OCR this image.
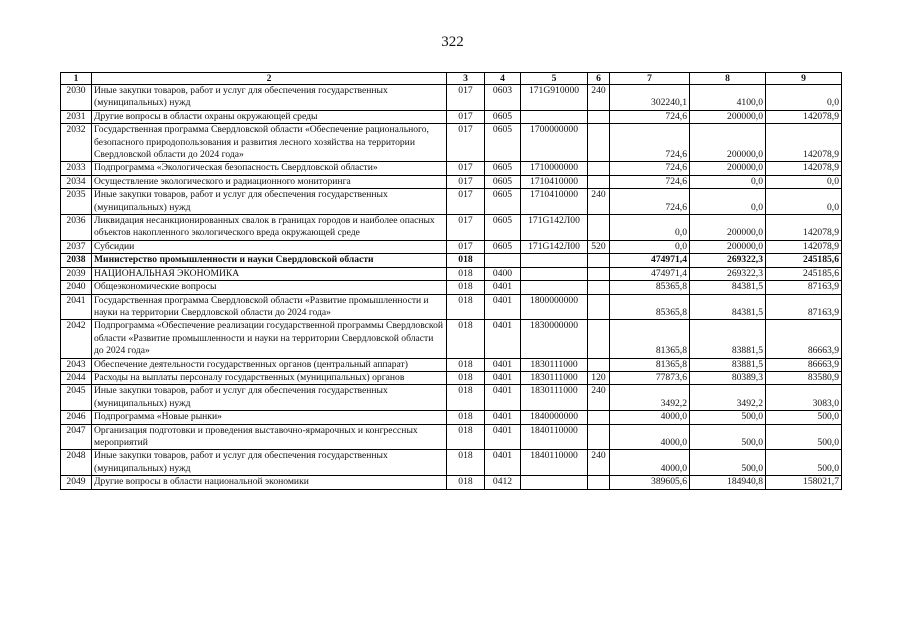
322
1	2	3	4	5	6	7	8	9
2030	Иные закупки товаров, работ и услуг для обеспечения государственных (муниципальных) нужд	017	0603	171G910000	240	302240,1	4100,0	0,0
2031	Другие вопросы в области охраны окружающей среды	017	0605			724,6	200000,0	142078,9
2032	Государственная программа Свердловской области «Обеспечение рационального, безопасного природопользования и развития лесного хозяйства на территории Свердловской области до 2024 года»	017	0605	1700000000		724,6	200000,0	142078,9
2033	Подпрограмма «Экологическая безопасность Свердловской области»	017	0605	1710000000		724,6	200000,0	142078,9
2034	Осуществление экологического и радиационного мониторинга	017	0605	1710410000		724,6	0,0	0,0
2035	Иные закупки товаров, работ и услуг для обеспечения государственных (муниципальных) нужд	017	0605	1710410000	240	724,6	0,0	0,0
2036	Ликвидация несанкционированных свалок в границах городов и наиболее опасных объектов накопленного экологического вреда окружающей среде	017	0605	171G142Л00		0,0	200000,0	142078,9
2037	Субсидии	017	0605	171G142Л00	520	0,0	200000,0	142078,9
2038	Министерство промышленности и науки Свердловской области	018				474971,4	269322,3	245185,6
2039	НАЦИОНАЛЬНАЯ ЭКОНОМИКА	018	0400			474971,4	269322,3	245185,6
2040	Общеэкономические вопросы	018	0401			85365,8	84381,5	87163,9
2041	Государственная программа Свердловской области «Развитие промышленности и науки на территории Свердловской области до 2024 года»	018	0401	1800000000		85365,8	84381,5	87163,9
2042	Подпрограмма «Обеспечение реализации государственной программы Свердловской области «Развитие промышленности и науки на территории Свердловской области до 2024 года»	018	0401	1830000000		81365,8	83881,5	86663,9
2043	Обеспечение деятельности государственных органов (центральный аппарат)	018	0401	1830111000		81365,8	83881,5	86663,9
2044	Расходы на выплаты персоналу государственных (муниципальных) органов	018	0401	1830111000	120	77873,6	80389,3	83580,9
2045	Иные закупки товаров, работ и услуг для обеспечения государственных (муниципальных) нужд	018	0401	1830111000	240	3492,2	3492,2	3083,0
2046	Подпрограмма «Новые рынки»	018	0401	1840000000		4000,0	500,0	500,0
2047	Организация подготовки и проведения выставочно-ярмарочных и конгрессных мероприятий	018	0401	1840110000		4000,0	500,0	500,0
2048	Иные закупки товаров, работ и услуг для обеспечения государственных (муниципальных) нужд	018	0401	1840110000	240	4000,0	500,0	500,0
2049	Другие вопросы в области национальной экономики	018	0412			389605,6	184940,8	158021,7
